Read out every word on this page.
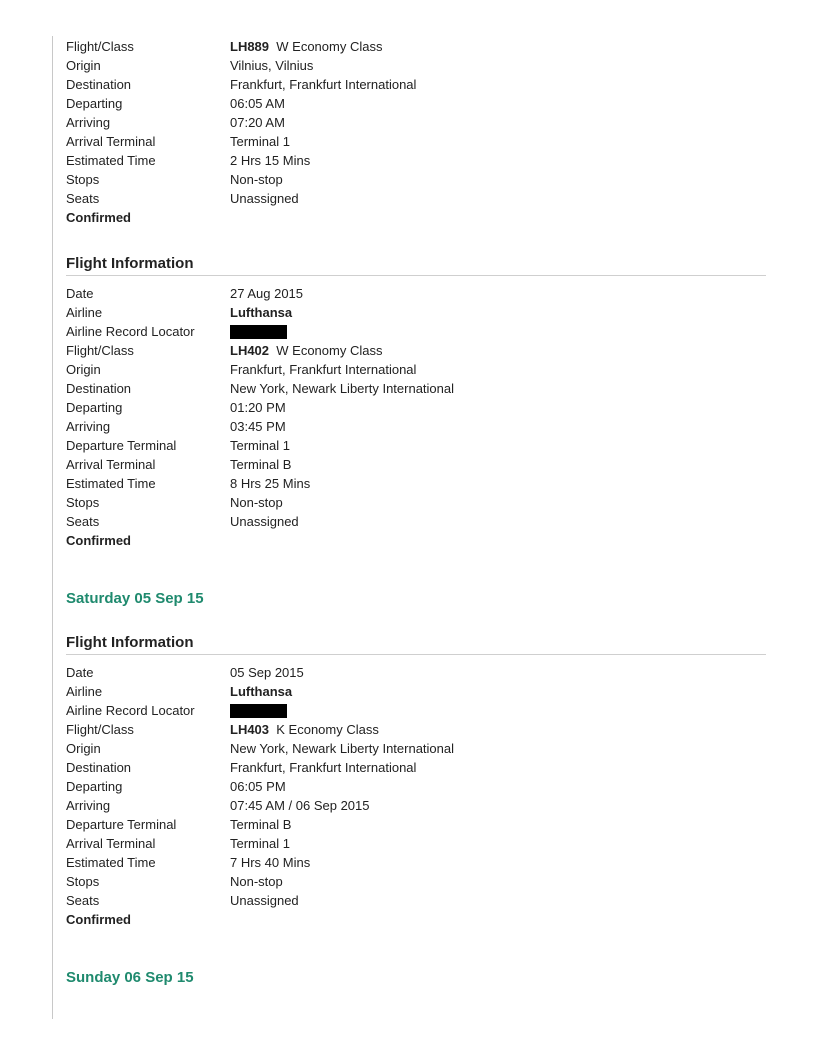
Flight/Class	LH889 W Economy Class
Origin	Vilnius, Vilnius
Destination	Frankfurt, Frankfurt International
Departing	06:05 AM
Arriving	07:20 AM
Arrival Terminal	Terminal 1
Estimated Time	2 Hrs 15 Mins
Stops	Non-stop
Seats	Unassigned
Confirmed
Flight Information
Date	27 Aug 2015
Airline	Lufthansa
Airline Record Locator
Flight/Class	LH402 W Economy Class
Origin	Frankfurt, Frankfurt International
Destination	New York, Newark Liberty International
Departing	01:20 PM
Arriving	03:45 PM
Departure Terminal	Terminal 1
Arrival Terminal	Terminal B
Estimated Time	8 Hrs 25 Mins
Stops	Non-stop
Seats	Unassigned
Confirmed
Saturday 05 Sep 15
Flight Information
Date	05 Sep 2015
Airline	Lufthansa
Airline Record Locator
Flight/Class	LH403 K Economy Class
Origin	New York, Newark Liberty International
Destination	Frankfurt, Frankfurt International
Departing	06:05 PM
Arriving	07:45 AM / 06 Sep 2015
Departure Terminal	Terminal B
Arrival Terminal	Terminal 1
Estimated Time	7 Hrs 40 Mins
Stops	Non-stop
Seats	Unassigned
Confirmed
Sunday 06 Sep 15
